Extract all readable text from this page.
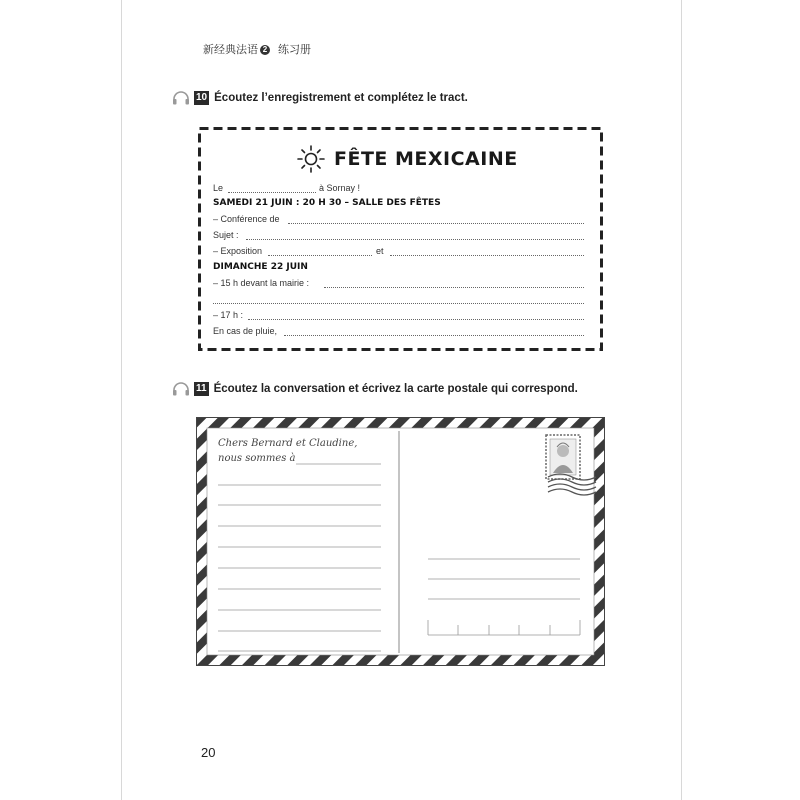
新经典法语 2 练习册
10 Écoutez l’enregistrement et complétez le tract.
FÊTE MEXICAINE
Le	à Sornay !
SAMEDI 21 JUIN : 20 H 30 – SALLE DES FÊTES
– Conférence de
Sujet :
– Exposition	et
DIMANCHE 22 JUIN
– 15 h devant la mairie :
– 17 h :
En cas de pluie,
11 Écoutez la conversation et écrivez la carte postale qui correspond.
Chers Bernard et Claudine,
nous sommes à
20
